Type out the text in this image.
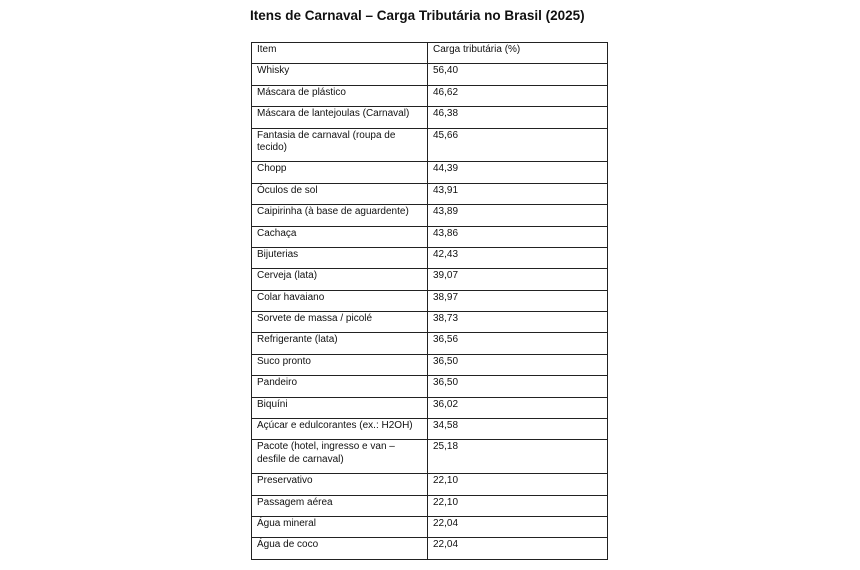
Itens de Carnaval – Carga Tributária no Brasil (2025)
Item	Carga tributária (%)
Whisky	56,40
Máscara de plástico	46,62
Máscara de lantejoulas (Carnaval)	46,38
Fantasia de carnaval (roupa de tecido)	45,66
Chopp	44,39
Óculos de sol	43,91
Caipirinha (à base de aguardente)	43,89
Cachaça	43,86
Bijuterias	42,43
Cerveja (lata)	39,07
Colar havaiano	38,97
Sorvete de massa / picolé	38,73
Refrigerante (lata)	36,56
Suco pronto	36,50
Pandeiro	36,50
Biquíni	36,02
Açúcar e edulcorantes (ex.: H2OH)	34,58
Pacote (hotel, ingresso e van – desfile de carnaval)	25,18
Preservativo	22,10
Passagem aérea	22,10
Água mineral	22,04
Água de coco	22,04
